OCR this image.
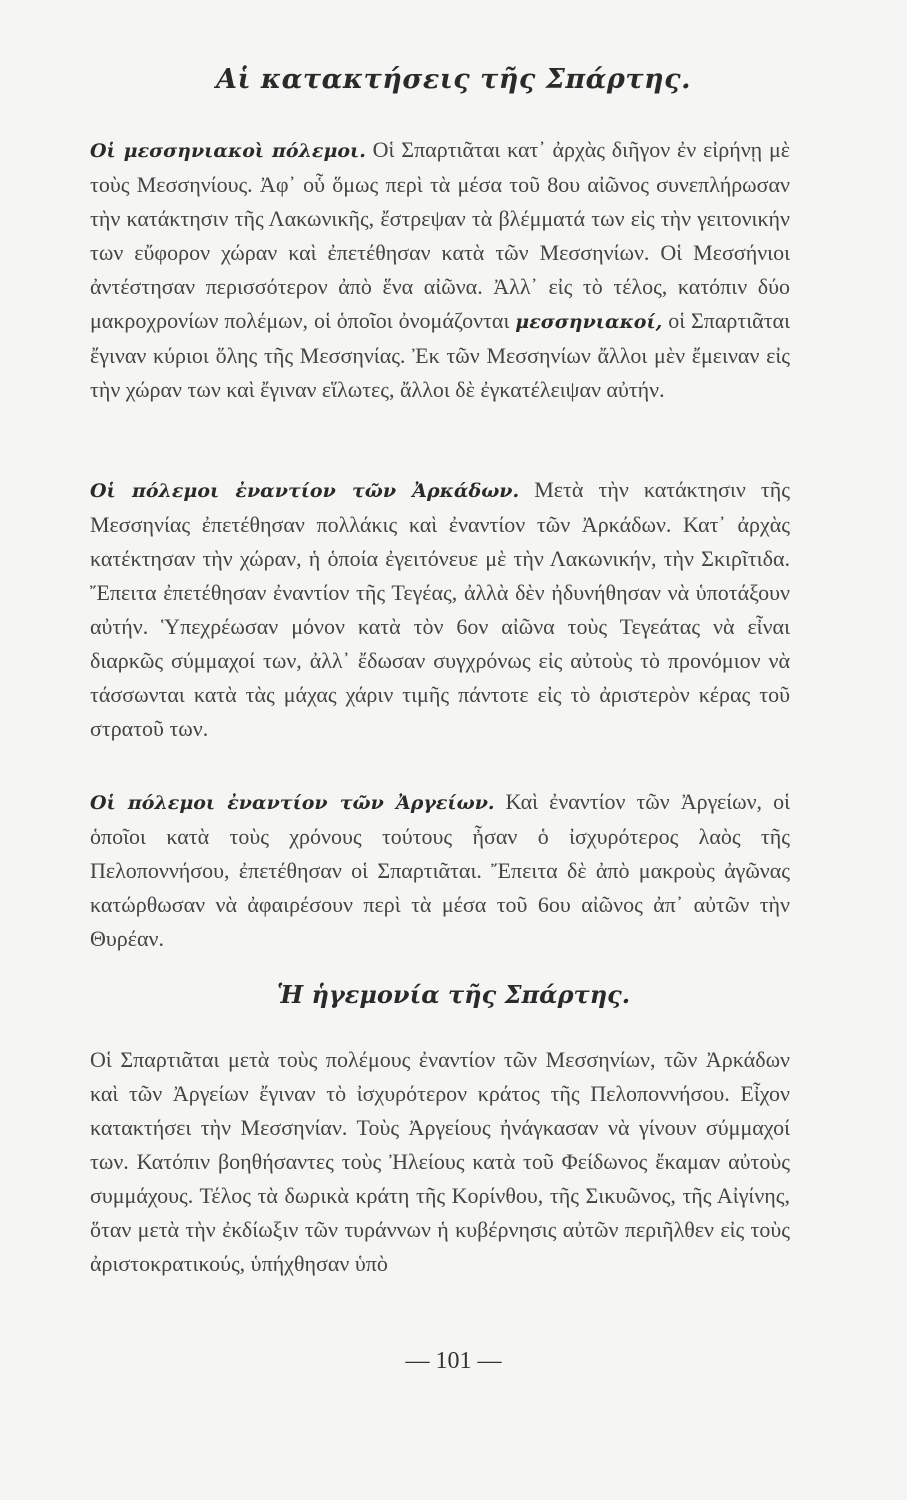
Αἱ κατακτήσεις τῆς Σπάρτης.

Οἱ μεσσηνιακοὶ πόλεμοι. Οἱ Σπαρτιᾶται κατ᾽ ἀρχὰς διῆγον ἐν εἰρήνῃ μὲ τοὺς Μεσσηνίους. Ἀφ᾽ οὗ ὅμως περὶ τὰ μέσα τοῦ 8ου αἰῶνος συνεπλήρωσαν τὴν κατάκτησιν τῆς Λακωνικῆς, ἔστρεψαν τὰ βλέμματά των εἰς τὴν γειτονικήν των εὔφορον χώραν καὶ ἐπετέθησαν κατὰ τῶν Μεσσηνίων. Οἱ Μεσσήνιοι ἀντέστησαν περισσότερον ἀπὸ ἕνα αἰῶνα. Ἀλλ᾽ εἰς τὸ τέλος, κατόπιν δύο μακροχρονίων πολέμων, οἱ ὁποῖοι ὀνομάζονται μεσσηνιακοί, οἱ Σπαρτιᾶται ἔγιναν κύριοι ὅλης τῆς Μεσσηνίας. Ἐκ τῶν Μεσσηνίων ἄλλοι μὲν ἔμειναν εἰς τὴν χώραν των καὶ ἔγιναν εἵλωτες, ἄλλοι δὲ ἐγκατέλειψαν αὐτήν.

Οἱ πόλεμοι ἐναντίον τῶν Ἀρκάδων. Μετὰ τὴν κατάκτησιν τῆς Μεσσηνίας ἐπετέθησαν πολλάκις καὶ ἐναντίον τῶν Ἀρκάδων. Κατ᾽ ἀρχὰς κατέκτησαν τὴν χώραν, ἡ ὁποία ἐγειτόνευε μὲ τὴν Λακωνικήν, τὴν Σκιρῖτιδα. Ἔπειτα ἐπετέθησαν ἐναντίον τῆς Τεγέας, ἀλλὰ δὲν ἠδυνήθησαν νὰ ὑποτάξουν αὐτήν. Ὑπεχρέωσαν μόνον κατὰ τὸν 6ον αἰῶνα τοὺς Τεγεάτας νὰ εἶναι διαρκῶς σύμμαχοί των, ἀλλ᾽ ἔδωσαν συγχρόνως εἰς αὐτοὺς τὸ προνόμιον νὰ τάσσωνται κατὰ τὰς μάχας χάριν τιμῆς πάντοτε εἰς τὸ ἀριστερὸν κέρας τοῦ στρατοῦ των.

Οἱ πόλεμοι ἐναντίον τῶν Ἀργείων. Καὶ ἐναντίον τῶν Ἀργείων, οἱ ὁποῖοι κατὰ τοὺς χρόνους τούτους ἦσαν ὁ ἰσχυρότερος λαὸς τῆς Πελοποννήσου, ἐπετέθησαν οἱ Σπαρτιᾶται. Ἔπειτα δὲ ἀπὸ μακροὺς ἀγῶνας κατώρθωσαν νὰ ἀφαιρέσουν περὶ τὰ μέσα τοῦ 6ου αἰῶνος ἀπ᾽ αὐτῶν τὴν Θυρέαν.

Ἡ ἡγεμονία τῆς Σπάρτης.

Οἱ Σπαρτιᾶται μετὰ τοὺς πολέμους ἐναντίον τῶν Μεσσηνίων, τῶν Ἀρκάδων καὶ τῶν Ἀργείων ἔγιναν τὸ ἰσχυρότερον κράτος τῆς Πελοποννήσου. Εἶχον κατακτήσει τὴν Μεσσηνίαν. Τοὺς Ἀργείους ἠνάγκασαν νὰ γίνουν σύμμαχοί των. Κατόπιν βοηθήσαντες τοὺς Ἠλείους κατὰ τοῦ Φείδωνος ἔκαμαν αὐτοὺς συμμάχους. Τέλος τὰ δωρικὰ κράτη τῆς Κορίνθου, τῆς Σικυῶνος, τῆς Αἰγίνης, ὅταν μετὰ τὴν ἐκδίωξιν τῶν τυράννων ἡ κυβέρνησις αὐτῶν περιῆλθεν εἰς τοὺς ἀριστοκρατικούς, ὑπήχθησαν ὑπὸ

— 101 —
